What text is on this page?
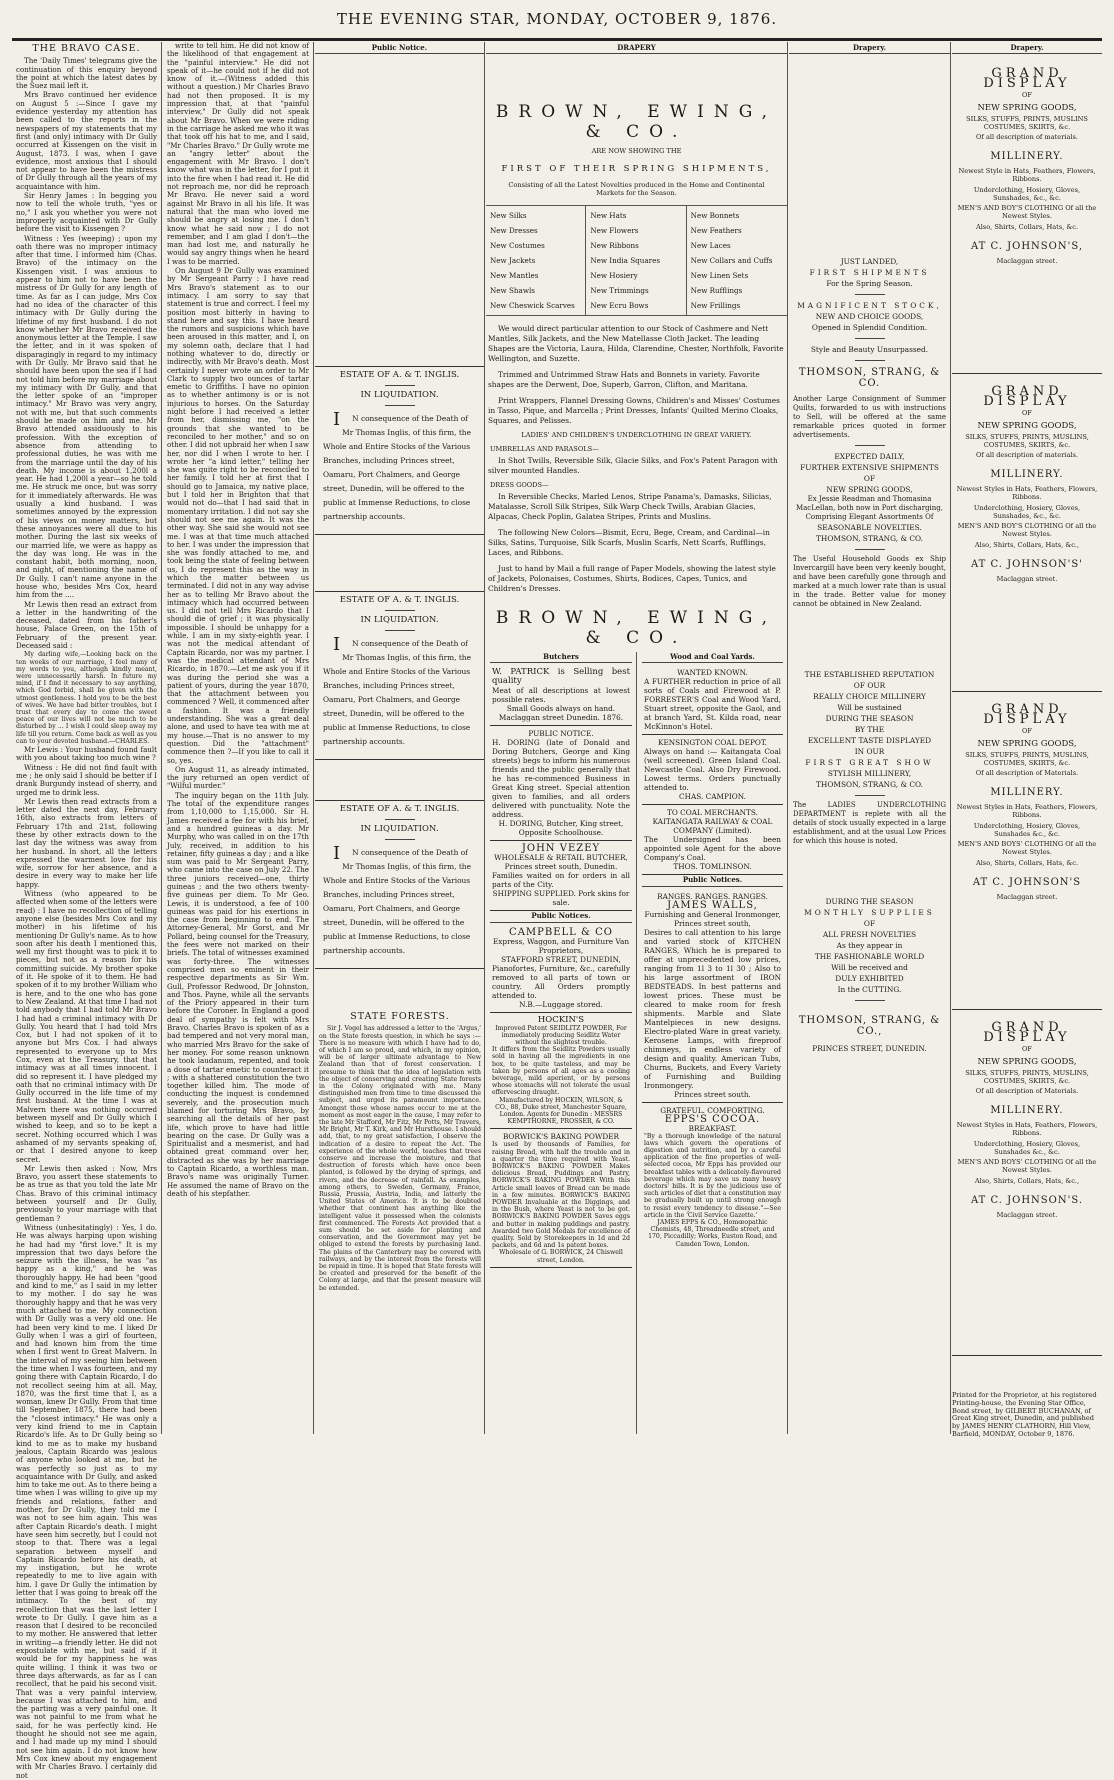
THE EVENING STAR, MONDAY, OCTOBER 9, 1876.
THE BRAVO CASE.

The 'Daily Times' telegrams give the continuation of this enquiry beyond the point at which the latest dates by the Suez mail left it.

Mrs Bravo continued her evidence on August 5 :—Since I gave my evidence yesterday my attention has been called to the reports in the newspapers of my statements that my first (and only) intimacy with Dr Gully occurred at Kissengen on the visit in August, 1873. I was, when I gave evidence, most anxious that I should not appear to have been the mistress of Dr Gully through all the years of my acquaintance with him.

Sir Henry James : In begging you now to tell the whole truth, "yes or no," I ask you whether you were not improperly acquainted with Dr Gully before the visit to Kissengen ?

Witness : Yes (weeping) ; upon my oath there was no improper intimacy after that time. I informed him (Chas. Bravo) of the intimacy on the Kissengen visit. I was anxious to appear to him not to have been the mistress of Dr Gully for any length of time. As far as I can judge, Mrs Cox had no idea of the character of this intimacy with Dr Gully during the lifetime of my first husband. I do not know whether Mr Bravo received the anonymous letter at the Temple. I saw the letter, and in it was spoken of disparagingly in regard to my intimacy with Dr Gully. Mr Bravo said that he should have been upon the sea if I had not told him before my marriage about my intimacy with Dr Gully, and that the letter spoke of an "improper intimacy." Mr Bravo was very angry, not with me, but that such comments should be made on him and me. Mr Bravo attended assiduously to his profession. With the exception of absence from attending to professional duties, he was with me from the marriage until the day of his death. My income is about 1,200l a year. He had 1,200l a year—so he told me. He struck me once, but was sorry for it immediately afterwards. He was usually a kind husband. I was sometimes annoyed by the expression of his views on money matters, but these annoyances were all due to his mother. During the last six weeks of our married life, we were as happy as the day was long. He was in the constant habit, both morning, noon, and night, of mentioning the name of Dr Gully. I can't name anyone in the house who, besides Mrs Cox, heard him from the ....

Mr Lewis then read an extract from a letter in the handwriting of the deceased, dated from his father's house, Palace Green, on the 15th of February of the present year. Deceased said :

My darling wife,—Looking back on the ten weeks of our marriage, I feel many of my words to you, although kindly meant, were unnecessarily harsh. In future my mind, if I find it necessary to say anything, which God forbid, shall be given with the utmost gentleness. I hold you to be the best of wives. We have had bitter troubles, but I trust that every day to come the sweet peace of our lives will not be much to be disturbed by ... I wish I could sleep away my life till you return. Come back as well as you can to your devoted husband.—CHARLES.

Mr Lewis : Your husband found fault with you about taking too much wine ?

Witness : He did not find fault with me ; he only said I should be better if I drank Burgundy instead of sherry, and urged me to drink less.

Mr Lewis then read extracts from a letter dated the next day, February 16th, also extracts from letters of February 17th and 21st, following these by other extracts down to the last day the witness was away from her husband. In short, all the letters expressed the warmest love for his wife, sorrow for her absence, and a desire in every way to make her life happy.

Witness (who appeared to be affected when some of the letters were read) : I have no recollection of telling anyone else (besides Mrs Cox and my mother) in his lifetime of his mentioning Dr Gully's name. As to how soon after his death I mentioned this, well my first thought was to pick it to pieces, but not as a reason for his committing suicide. My brother spoke of it. He spoke of it to them. He had spoken of it to my brother William who is here, and to the one who has gone to New Zealand. At that time I had not told anybody that I had told Mr Bravo I had had a criminal intimacy with Dr Gully. You heard that I had told Mrs Cox, but I had not spoken of it to anyone but Mrs Cox. I had always represented to everyone up to Mrs Cox, even at the Treasury, that that intimacy was at all times innocent. I did so represent it. I have pledged my oath that no criminal intimacy with Dr Gully occurred in the life time of my first husband. At the time I was at Malvern there was nothing occurred between myself and Dr Gully which I wished to keep, and so to be kept a secret. Nothing occurred which I was ashamed of my servants speaking of, or that I desired anyone to keep secret.

Mr Lewis then asked : Now, Mrs Bravo, you assert these statements to be as true as that you told the late Mr Chas. Bravo of this criminal intimacy between yourself and Dr Gully, previously to your marriage with that gentleman ?

Witness (unhesitatingly) : Yes, I do. He was always harping upon wishing he had had my "first love." It is my impression that two days before the seizure with the illness, he was "as happy as a king," and he was thoroughly happy. He had been "good and kind to me," as I said in my letter to my mother. I do say he was thoroughly happy and that he was very much attached to me. My connection with Dr Gully was a very old one. He had been very kind to me. I liked Dr Gully when I was a girl of fourteen, and had known him from the time when I first went to Great Malvern. In the interval of my seeing him between the time when I was fourteen, and my going there with Captain Ricardo, I do not recollect seeing him at all. May, 1870, was the first time that I, as a woman, knew Dr Gully. From that time till September, 1875, there had been the "closest intimacy." He was only a very kind friend to me in Captain Ricardo's life. As to Dr Gully being so kind to me as to make my husband jealous, Captain Ricardo was jealous of anyone who looked at me, but he was perfectly so just as to my acquaintance with Dr Gully, and asked him to take me out. As to there being a time when I was willing to give up my friends and relations, father and mother, for Dr Gully, they told me I was not to see him again. This was after Captain Ricardo's death. I might have seen him secretly, but I could not stoop to that. There was a legal separation between myself and Captain Ricardo before his death, at my instigation, but he wrote repeatedly to me to live again with him. I gave Dr Gully the intimation by letter that I was going to break off the intimacy. To the best of my recollection that was the last letter I wrote to Dr Gully. I gave him as a reason that I desired to be reconciled to my mother. He answered that letter in writing—a friendly letter. He did not expostulate with me, but said if it would be for my happiness he was quite willing. I think it was two or three days afterwards, as far as I can recollect, that he paid his second visit. That was a very painful interview, because I was attached to him, and the parting was a very painful one. It was not painful to me from what he said, for he was perfectly kind. He thought he should not see me again, and I had made up my mind I should not see him again. I do not know how Mrs Cox knew about my engagement with Mr Charles Bravo. I certainly did not

write to tell him. He did not know of the likelihood of that engagement at the "painful interview." He did not speak of it—he could not if he did not know of it.—(Witness added this without a question.) Mr Charles Bravo had not then proposed. It is my impression that, at that "painful interview," Dr Gully did not speak about Mr Bravo. When we were riding in the carriage he asked me who it was that took off his hat to me, and I said, "Mr Charles Bravo." Dr Gully wrote me an "angry letter" about the engagement with Mr Bravo. I don't know what was in the letter, for I put it into the fire when I had read it. He did not reproach me, nor did he reproach Mr Bravo. He never said a word against Mr Bravo in all his life. It was natural that the man who loved me should be angry at losing me. I don't know what he said now ; I do not remember, and I am glad I don't—the man had lost me, and naturally he would say angry things when he heard I was to be married.

On August 9 Dr Gully was examined by Mr Sergeant Parry : I have read Mrs Bravo's statement as to our intimacy. I am sorry to say that statement is true and correct. I feel my position most bitterly in having to stand here and say this. I have heard the rumors and suspicions which have been aroused in this matter, and I, on my solemn oath, declare that I had nothing whatever to do, directly or indirectly, with Mr Bravo's death. Most certainly I never wrote an order to Mr Clark to supply two ounces of tartar emetic to Griffiths. I have no opinion as to whether antimony is or is not injurious to horses. On the Saturday night before I had received a letter from her, dismissing me, "on the grounds that she wanted to be reconciled to her mother," and so on other. I did not upbraid her when I saw her, nor did I when I wrote to her. I wrote her "a kind letter," telling her she was quite right to be reconciled to her family. I told her at first that I should go to Jamaica, my native place, but I told her in Brighton that that would not do—that I had said that in momentary irritation. I did not say she should not see me again. It was the other way. She said she would not see me. I was at that time much attached to her. I was under the impression that she was fondly attached to me, and took being the state of feeling between us, I do represent this as the way in which the matter between us terminated. I did not in any way advise her as to telling Mr Bravo about the intimacy which had occurred between us. I did not tell Mrs Ricardo that I should die of grief ; it was physically impossible. I should be unhappy for a while. I am in my sixty-eighth year. I was not the medical attendant of Captain Ricardo, nor was my partner. I was the medical attendant of Mrs Ricardo, in 1870.—Let me ask you if it was during the period she was a patient of yours, during the year 1870, that the attachment between you commenced ? Well, it commenced after a fashion. It was a friendly understanding. She was a great deal alone, and used to have tea with me at my house.—That is no answer to my question. Did the "attachment" commence then ?—If you like to call it so, yes.

On August 11, as already intimated, the jury returned an open verdict of "Wilful murder."

The inquiry began on the 11th July. The total of the expenditure ranges from 1,10,000 to 1,15,000. Sir H. James received a fee for with his brief, and a hundred guineas a day. Mr Murphy, who was called in on the 17th July, received, in addition to his retainer, fifty guineas a day ; and a like sum was paid to Mr Sergeant Parry, who came into the case on July 22. The three juniors received—one, thirty guineas ; and the two others twenty-five guineas per diem. To Mr Geo. Lewis, it is understood, a fee of 100 guineas was paid for his exertions in the case from beginning to end. The Attorney-General, Mr Gorst, and Mr Pollard, being counsel for the Treasury, the fees were not marked on their briefs. The total of witnesses examined was forty-three. The witnesses comprised men so eminent in their respective departments as Sir Wm. Gull, Professor Redwood, Dr Johnston, and Thos. Payne, while all the servants of the Priory appeared in their turn before the Coroner. In England a good deal of sympathy is felt with Mrs Bravo. Charles Bravo is spoken of as a bad tempered and not very moral man, who married Mrs Bravo for the sake of her money. For some reason unknown he took laudanum, repented, and took a dose of tartar emetic to counteract it ; with a shattered constitution the two together killed him. The mode of conducting the inquest is condemned severely, and the prosecution much blamed for torturing Mrs Bravo, by searching all the details of her past life, which prove to have had little bearing on the case. Dr Gully was a Spiritualist and a mesmerist, and had obtained great command over her, distracted as she was by her marriage to Captain Ricardo, a worthless man. Bravo's name was originally Turner. He assumed the name of Bravo on the death of his stepfather.

Public Notice.
ESTATE OF A. & T. INGLIS.
IN LIQUIDATION.
IN consequence of the Death of Mr Thomas Inglis, of this firm, the Whole and Entire Stocks of the Various Branches, including Princes street, Oamaru, Port Chalmers, and George street, Dunedin, will be offered to the public at Immense Reductions, to close partnership accounts.
ESTATE OF A. & T. INGLIS.
IN LIQUIDATION.
IN consequence of the Death of Mr Thomas Inglis, of this firm, the Whole and Entire Stocks of the Various Branches, including Princes street, Oamaru, Port Chalmers, and George street, Dunedin, will be offered to the public at Immense Reductions, to close partnership accounts.
ESTATE OF A. & T. INGLIS.
IN LIQUIDATION.
IN consequence of the Death of Mr Thomas Inglis, of this firm, the Whole and Entire Stocks of the Various Branches, including Princes street, Oamaru, Port Chalmers, and George street, Dunedin, will be offered to the public at Immense Reductions, to close partnership accounts.
STATE FORESTS.

Sir J. Vogel has addressed a letter to the 'Argus,' on the State forests question, in which he says :— There is no measure with which I have had to do, of which I am so proud, and which, in my opinion, will be of larger ultimate advantage to New Zealand than that of forest conservation. I presume to think that the idea of legislation with the object of conserving and creating State forests in the Colony originated with me. Many distinguished men from time to time discussed the subject, and urged its paramount importance. Amongst those whose names occur to me at the moment as most eager in the cause, I may refer to the late Mr Stafford, Mr Fitz, Mr Potts, Mr Travers, Mr Bright, Mr T. Kirk, and Mr Hursthouse. I should add, that, to my great satisfaction, I observe the indication of a desire to repeat the Act. The experience of the whole world, teaches that trees conserve and increase the moisture, and that destruction of forests which have once been planted, is followed by the drying of springs, and rivers, and the decrease of rainfall. As examples, among others, to Sweden, Germany, France, Russia, Prussia, Austria, India, and latterly the United States of America. It is to be doubted whether that continent has anything like the intelligent value it possessed when the colonists first commenced. The Forests Act provided that a sum should be set aside for planting and conservation, and the Government may yet be obliged to extend the forests by purchasing land. The plains of the Canterbury may be covered with railways, and by the interest from the forests will be repaid in time. It is hoped that State forests will be created and preserved for the benefit of the Colony at large, and that the present measure will be extended.

DRAPERY
BROWN, EWING, & CO.
ARE NOW SHOWING THE
FIRST OF THEIR SPRING SHIPMENTS,
Consisting of all the Latest Novelties produced in the Home and Continental Markets for the Season.
New Silks
New Dresses
New Costumes
New Jackets
New Mantles
New Shawls
New Cheswick Scarves
New Hats
New Flowers
New Ribbons
New India Squares
New Hosiery
New Trimmings
New Ecru Bows
New Bonnets
New Feathers
New Laces
New Collars and Cuffs
New Linen Sets
New Rufflings
New Frillings
We would direct particular attention to our Stock of Cashmere and Nett Mantles, Silk Jackets, and the New Matellasse Cloth Jacket. The leading Shapes are the Victoria, Laura, Hilda, Clarendine, Chester, Northfolk, Favorite Wellington, and Suzette.
Trimmed and Untrimmed Straw Hats and Bonnets in variety. Favorite shapes are the Derwent, Doe, Superb, Garron, Clifton, and Maritana.
Print Wrappers, Flannel Dressing Gowns, Children's and Misses' Costumes in Tasso, Pique, and Marcella ; Print Dresses, Infants' Quilted Merino Cloaks, Squares, and Pelisses.
LADIES' AND CHILDREN'S UNDERCLOTHING IN GREAT VARIETY.
UMBRELLAS AND PARASOLS—
In Shot Twills, Reversible Silk, Glacie Silks, and Fox's Patent Paragon with silver mounted Handles.
DRESS GOODS—
In Reversible Checks, Marled Lenos, Stripe Panama's, Damasks, Silicias, Matalasse, Scroll Silk Stripes, Silk Warp Check Twills, Arabian Glacies, Alpacas, Check Poplin, Galatea Stripes, Prints and Muslins.
The following New Colors—Bismit, Ecru, Bege, Cream, and Cardinal—in Silks, Satins, Turquoise, Silk Scarfs, Muslin Scarfs, Nett Scarfs, Rufflings, Laces, and Ribbons.
Just to hand by Mail a full range of Paper Models, showing the latest style of Jackets, Polonaises, Costumes, Shirts, Bodices, Capes, Tunics, and Children's Dresses.
BROWN, EWING, & CO.
Butchers
W. PATRICK is Selling best quality
Meat of all descriptions at lowest possible rates.
Small Goods always on hand. Maclaggan street Dunedin. 1876.
PUBLIC NOTICE.
H. DORING (late of Donald and Doring Butchers, George and King streets) begs to inform his numerous friends and the public generally that he has re-commenced Business in Great King street. Special attention given to families, and all orders delivered with punctuality. Note the address.
H. DORING, Butcher, King street, Opposite Schoolhouse.
JOHN VEZEY
WHOLESALE & RETAIL BUTCHER, Princes street south, Dunedin.
Families waited on for orders in all parts of the City.
SHIPPING SUPPLIED. Pork skins for sale.
Public Notices.
CAMPBELL & CO
Express, Waggon, and Furniture Van Proprietors,
STAFFORD STREET, DUNEDIN,
Pianofortes, Furniture, &c., carefully removed to all parts of town or country. All Orders promptly attended to.
N.B.—Luggage stored.
HOCKIN'S
Improved Patent SEIDLITZ POWDER, For immediately producing Seidlitz Water without the slightest trouble.
It differs from the Seidlitz Powders usually sold in having all the ingredients in one box, to be quite tasteless, and may be taken by persons of all ages as a cooling beverage, mild aperient, or by persons whose stomachs will not tolerate the usual effervescing draught.
Manufactured by HOCKIN, WILSON, & CO., 88, Duke street, Manchester Square, London. Agents for Dunedin : MESSRS KEMPTHORNE, PROSSER, & CO.
BORWICK'S BAKING POWDER
Is used by thousands of Families, for raising Bread, with half the trouble and in a quarter the time required with Yeast. BORWICK'S BAKING POWDER Makes delicious Bread, Puddings and Pastry, BORWICK'S BAKING POWDER With this Article small loaves of Bread can be made in a few minutes. BORWICK'S BAKING POWDER Invaluable at the Diggings, and in the Bush, where Yeast is not to be got. BORWICK'S BAKING POWDER Saves eggs and butter in making puddings and pastry. Awarded two Gold Medals for excellence of quality. Sold by Storekeepers in 1d and 2d packets, and 6d and 1s patent boxes.
Wholesale of G. BORWICK, 24 Chiswell street, London.
Wood and Coal Yards.
WANTED KNOWN.
A FURTHER reduction in price of all sorts of Coals and Firewood at P. FORRESTER'S Coal and Wood Yard, Stuart street, opposite the Gaol, and at branch Yard, St. Kilda road, near McKinnon's Hotel.
KENSINGTON COAL DEPOT.
Always on hand :— Kaitangata Coal (well screened). Green Island Coal. Newcastle Coal. Also Dry Firewood. Lowest terms. Orders punctually attended to.
CHAS. CAMPION.
TO COAL MERCHANTS.
KAITANGATA RAILWAY & COAL COMPANY (Limited).
The Undersigned has been appointed sole Agent for the above Company's Coal.
THOS. TOMLINSON.
Public Notices.
RANGES. RANGES. RANGES.
JAMES WALLS,
Furnishing and General Ironmonger, Princes street south,
Desires to call attention to his large and varied stock of KITCHEN RANGES, Which he is prepared to offer at unprecedented low prices, ranging from 1l 3 to 1l 30 ; Also to his large assortment of IRON BEDSTEADS. In best patterns and lowest prices. These must be cleared to make room for fresh shipments. Marble and Slate Mantelpieces in new designs. Electro-plated Ware in great variety. Kerosene Lamps, with fireproof chimneys, in endless variety of design and quality. American Tubs, Churns, Buckets, and Every Variety of Furnishing and Building Ironmongery.
Princes street south.
GRATEFUL. COMFORTING.
EPPS'S COCOA.
BREAKFAST.
"By a thorough knowledge of the natural laws which govern the operations of digestion and nutrition, and by a careful application of the fine properties of well-selected cocoa, Mr Epps has provided our breakfast tables with a delicately-flavoured beverage which may save us many heavy doctors' bills. It is by the judicious use of such articles of diet that a constitution may be gradually built up until strong enough to resist every tendency to disease."—See article in the 'Civil Service Gazette.'
JAMES EPPS & CO., Homœopathic Chemists, 48, Threadneedle street, and 170, Piccadilly; Works, Euston Road, and Camden Town, London.
Drapery.
JUST LANDED,
FIRST SHIPMENTS
For the Spring Season.
MAGNIFICENT STOCK,
NEW AND CHOICE GOODS,
Opened in Splendid Condition.
Style and Beauty Unsurpassed.
THOMSON, STRANG, & CO.
Another Large Consignment of Summer Quilts, forwarded to us with instructions to Sell, will be offered at the same remarkable prices quoted in former advertisements.
EXPECTED DAILY,
FURTHER EXTENSIVE SHIPMENTS
OF
NEW SPRING GOODS,
Ex Jessie Readman and Thomasina MacLellan, both now in Port discharging, Comprising Elegant Assortments Of
SEASONABLE NOVELTIES.
THOMSON, STRANG, & CO.
The Useful Household Goods ex Ship Invercargill have been very keenly bought, and have been carefully gone through and marked at a much lower rate than is usual in the trade. Better value for money cannot be obtained in New Zealand.
THE ESTABLISHED REPUTATION
OF OUR
REALLY CHOICE MILLINERY
Will be sustained
DURING THE SEASON
BY THE
EXCELLENT TASTE DISPLAYED
IN OUR
FIRST GREAT SHOW
STYLISH MILLINERY,
THOMSON, STRANG, & CO.
The LADIES UNDERCLOTHING DEPARTMENT is replete with all the details of stock usually expected in a large establishment, and at the usual Low Prices for which this house is noted.
DURING THE SEASON
MONTHLY SUPPLIES
OF
ALL FRESH NOVELTIES
As they appear in
THE FASHIONABLE WORLD
Will be received and
DULY EXHIBITED
In the CUTTING.
THOMSON, STRANG, & CO.,
PRINCES STREET, DUNEDIN.
Drapery.
GRAND DISPLAY
OF
NEW SPRING GOODS,
SILKS, STUFFS, PRINTS, MUSLINS COSTUMES, SKIRTS, &c.
Of all description of materials.
MILLINERY.
Newest Style in Hats, Feathers, Flowers, Ribbons.
Underclothing, Hosiery, Gloves, Sunshades, &c., &c.
MEN'S AND BOY'S CLOTHING Of all the Newest Styles.
Also, Shirts, Collars, Hats, &c.
AT C. JOHNSON'S,
Maclaggan street.
GRAND DISPLAY
OF
NEW SPRING GOODS,
SILKS, STUFFS, PRINTS, MUSLINS, COSTUMES, SKIRTS, &c.
Of all description of materials.
MILLINERY.
Newest Styles in Hats, Feathers, Flowers, Ribbons.
Underclothing, Hosiery, Gloves, Sunshades, &c., &c.
MEN'S AND BOY'S CLOTHING Of all the Newest Styles.
Also, Shirts, Collars, Hats, &c.,
AT C. JOHNSON'S'
Maclaggan street.
GRAND DISPLAY
OF
NEW SPRING GOODS,
SILKS, STUFFS, PRINTS, MUSLINS, COSTUMES, SKIRTS, &c.
Of all description of Materials.
MILLINERY.
Newest Styles in Hats, Feathers, Flowers, Ribbons.
Underclothing, Hosiery, Gloves, Sunshades &c., &c.
MEN'S AND BOYS' CLOTHING Of all the Newest Styles.
Also, Shirts, Collars, Hats, &c.
AT C. JOHNSON'S
Maclaggan street.
GRAND DISPLAY
OF
NEW SPRING GOODS,
SILKS, STUFFS, PRINTS, MUSLINS, COSTUMES, SKIRTS, &c.
Of all description of Materials.
MILLINERY.
Newest Styles in Hats, Feathers, Flowers, Ribbons.
Underclothing, Hosiery, Gloves, Sunshades &c., &c.
MEN'S AND BOYS' CLOTHING Of all the Newest Styles.
Also, Shirts, Collars, Hats, &c.,
AT C. JOHNSON'S.
Maclaggan street.
Printed for the Proprietor, at his registered Printing-house, the Evening Star Office, Bond street, by GILBERT BUCHANAN, of Great King street, Dunedin, and published by JAMES HENRY CLATHORN, Hill View, Barfield, MONDAY, October 9, 1876.
